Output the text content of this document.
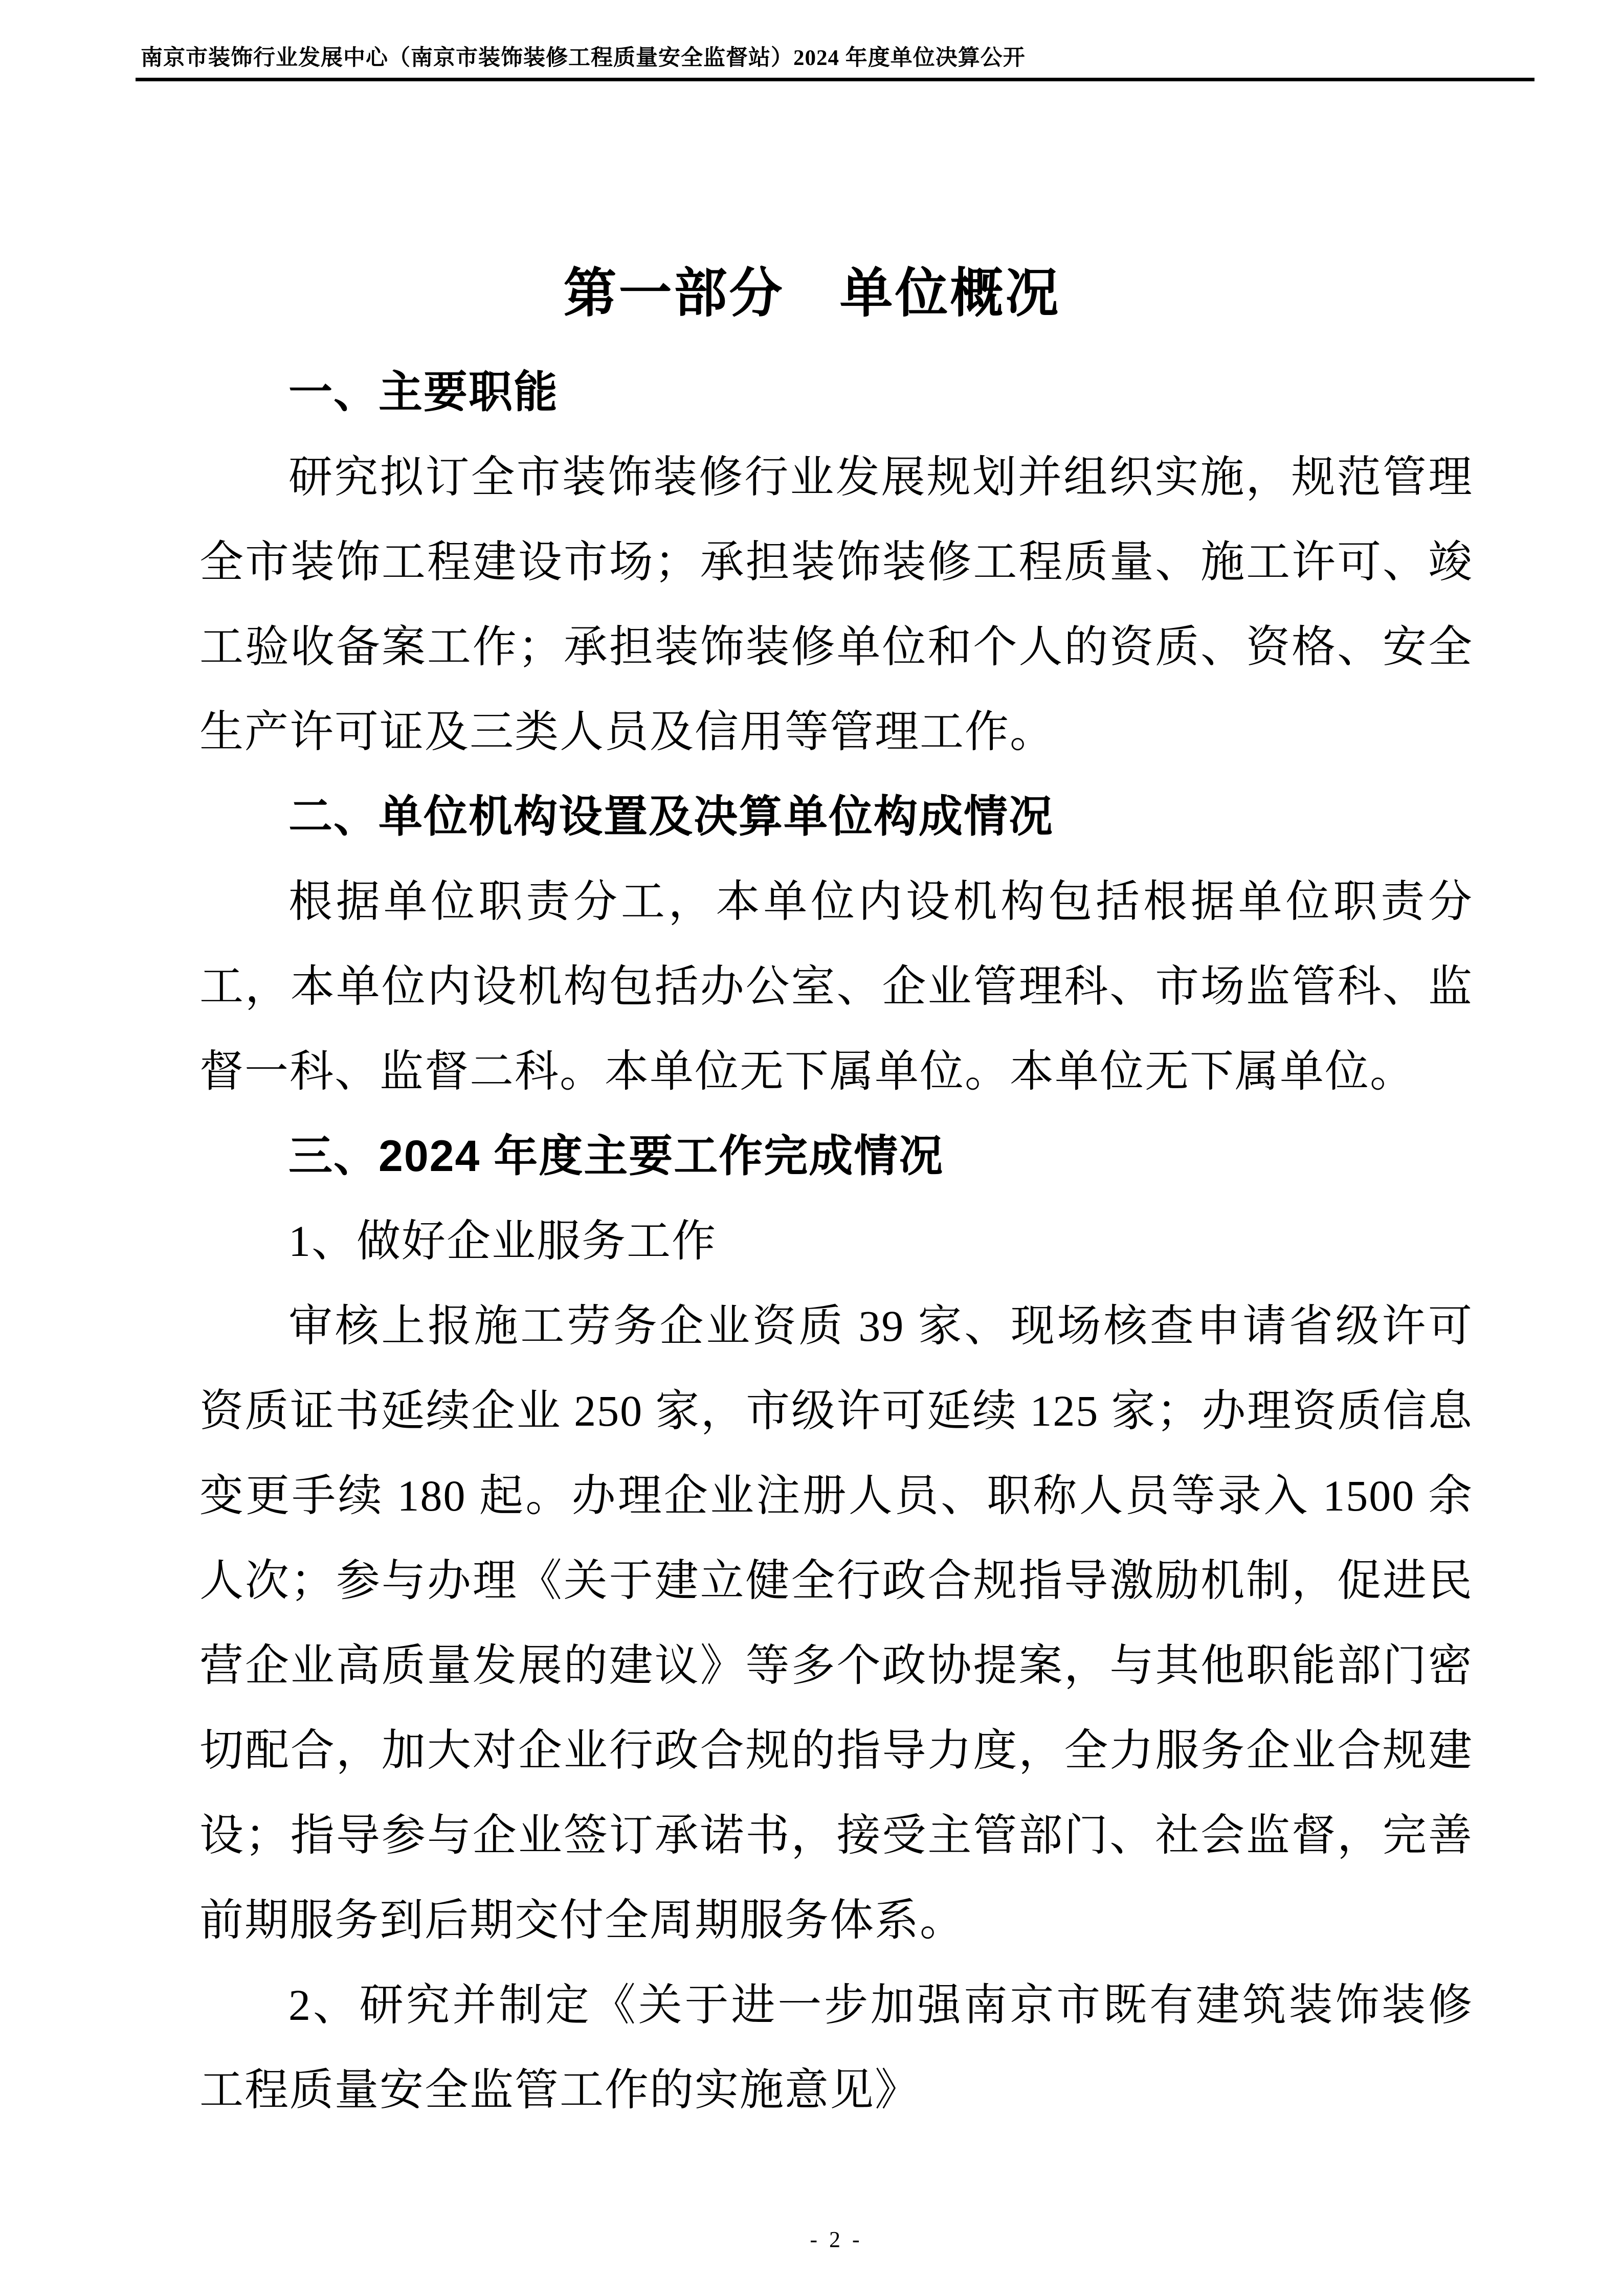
南京市装饰行业发展中心（南京市装饰装修工程质量安全监督站）2024 年度单位决算公开
第一部分　单位概况

一、主要职能

研究拟订全市装饰装修行业发展规划并组织实施，规范管理全市装饰工程建设市场；承担装饰装修工程质量、施工许可、竣工验收备案工作；承担装饰装修单位和个人的资质、资格、安全生产许可证及三类人员及信用等管理工作。

二、单位机构设置及决算单位构成情况

根据单位职责分工，本单位内设机构包括根据单位职责分工，本单位内设机构包括办公室、企业管理科、市场监管科、监督一科、监督二科。本单位无下属单位。本单位无下属单位。

三、2024 年度主要工作完成情况

1、做好企业服务工作

审核上报施工劳务企业资质 39 家、现场核查申请省级许可资质证书延续企业 250 家，市级许可延续 125 家；办理资质信息变更手续 180 起。办理企业注册人员、职称人员等录入 1500 余人次；参与办理《关于建立健全行政合规指导激励机制，促进民营企业高质量发展的建议》等多个政协提案，与其他职能部门密切配合，加大对企业行政合规的指导力度，全力服务企业合规建设；指导参与企业签订承诺书，接受主管部门、社会监督，完善前期服务到后期交付全周期服务体系。

2、研究并制定《关于进一步加强南京市既有建筑装饰装修工程质量安全监管工作的实施意见》

- 2 -
